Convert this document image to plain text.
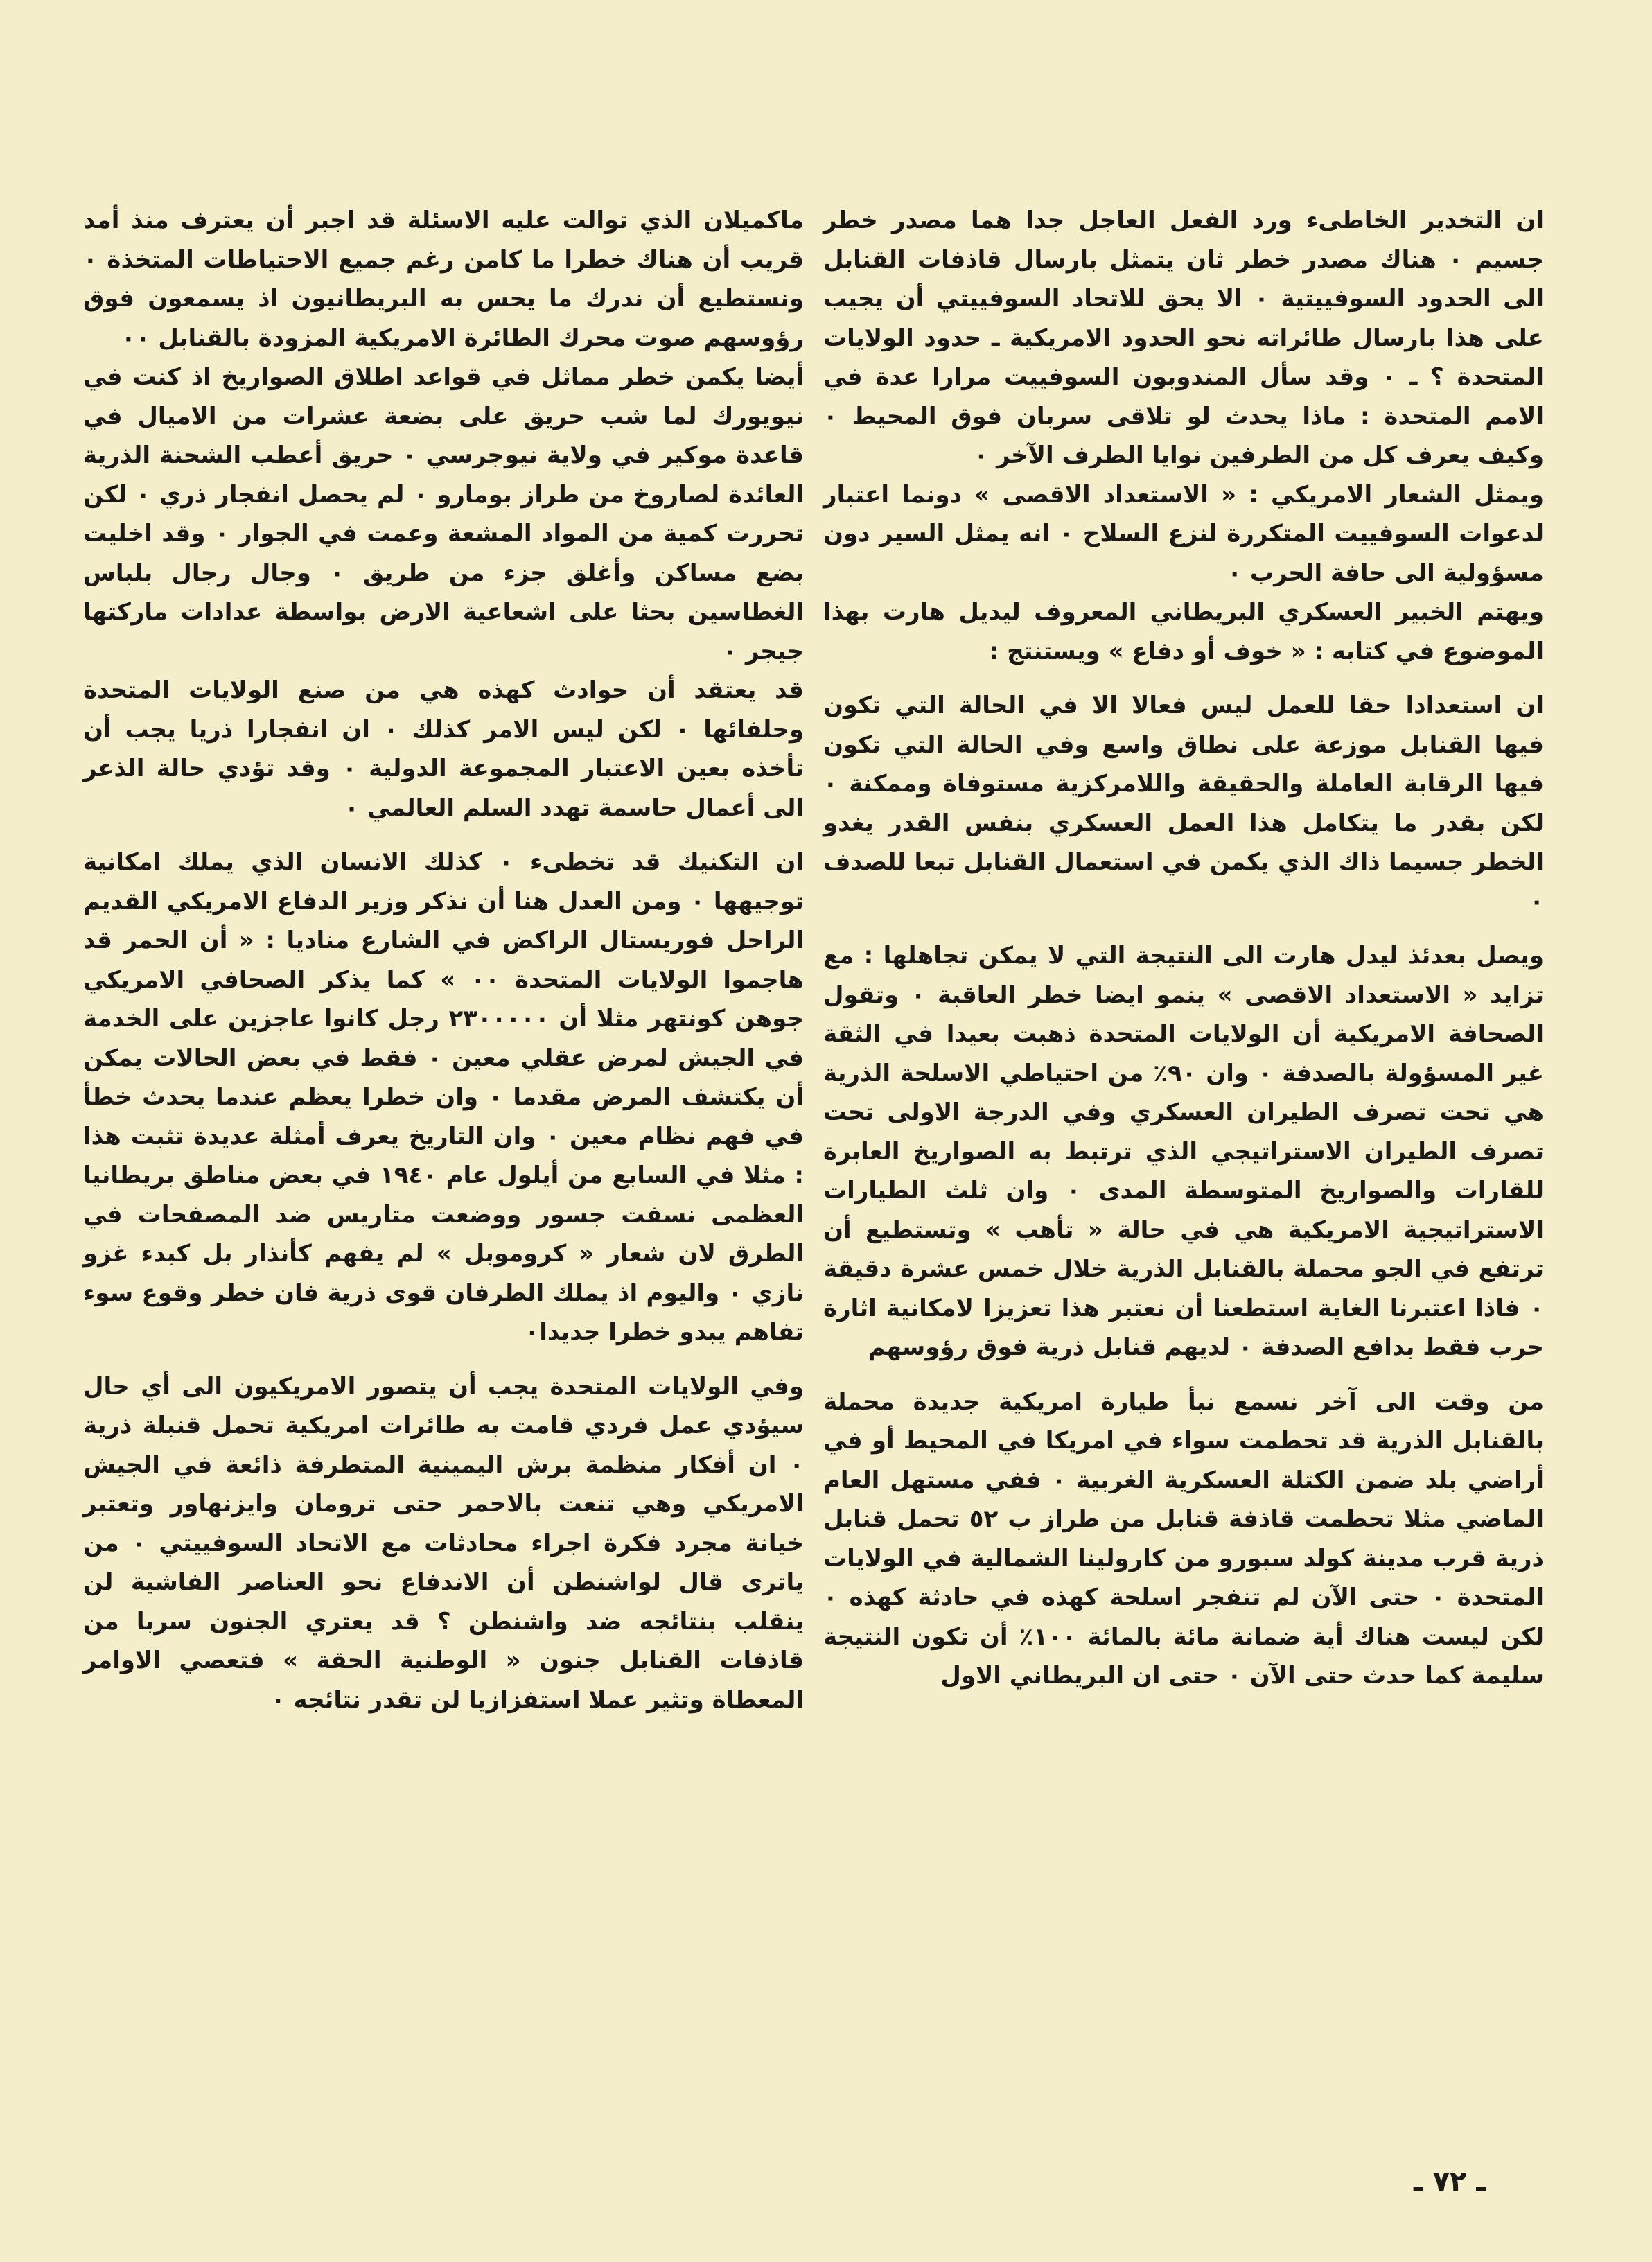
ان التخدير الخاطىء ورد الفعل العاجل جدا هما مصدر خطر جسيم ٠ هناك مصدر خطر ثان يتمثل بارسال قاذفات القنابل الى الحدود السوفييتية ٠ الا يحق للاتحاد السوفييتي أن يجيب على هذا بارسال طائراته نحو الحدود الامريكية ـ حدود الولايات المتحدة ؟ ـ ٠ وقد سأل المندوبون السوفييت مرارا عدة في الامم المتحدة : ماذا يحدث لو تلاقى سربان فوق المحيط ٠ وكيف يعرف كل من الطرفين نوايا الطرف الآخر ٠

ويمثل الشعار الامريكي : « الاستعداد الاقصى » دونما اعتبار لدعوات السوفييت المتكررة لنزع السلاح ٠ انه يمثل السير دون مسؤولية الى حافة الحرب ٠

ويهتم الخبير العسكري البريطاني المعروف ليديل هارت بهذا الموضوع في كتابه : « خوف أو دفاع » ويستنتج :

ان استعدادا حقا للعمل ليس فعالا الا في الحالة التي تكون فيها القنابل موزعة على نطاق واسع وفي الحالة التي تكون فيها الرقابة العاملة والحقيقة واللامركزية مستوفاة وممكنة ٠ لكن بقدر ما يتكامل هذا العمل العسكري بنفس القدر يغدو الخطر جسيما ذاك الذي يكمن في استعمال القنابل تبعا للصدف ٠

ويصل بعدئذ ليدل هارت الى النتيجة التي لا يمكن تجاهلها : مع تزايد « الاستعداد الاقصى » ينمو ايضا خطر العاقبة ٠ وتقول الصحافة الامريكية أن الولايات المتحدة ذهبت بعيدا في الثقة غير المسؤولة بالصدفة ٠ وان ٩٠٪ من احتياطي الاسلحة الذرية هي تحت تصرف الطيران العسكري وفي الدرجة الاولى تحت تصرف الطيران الاستراتيجي الذي ترتبط به الصواريخ العابرة للقارات والصواريخ المتوسطة المدى ٠ وان ثلث الطيارات الاستراتيجية الامريكية هي في حالة « تأهب » وتستطيع أن ترتفع في الجو محملة بالقنابل الذرية خلال خمس عشرة دقيقة ٠ فاذا اعتبرنا الغاية استطعنا أن نعتبر هذا تعزيزا لامكانية اثارة حرب فقط بدافع الصدفة ٠ لديهم قنابل ذرية فوق رؤوسهم

من وقت الى آخر نسمع نبأ طيارة امريكية جديدة محملة بالقنابل الذرية قد تحطمت سواء في امريكا في المحيط أو في أراضي بلد ضمن الكتلة العسكرية الغربية ٠ ففي مستهل العام الماضي مثلا تحطمت قاذفة قنابل من طراز ب ٥٢ تحمل قنابل ذرية قرب مدينة كولد سبورو من كارولينا الشمالية في الولايات المتحدة ٠ حتى الآن لم تنفجر اسلحة كهذه في حادثة كهذه ٠ لكن ليست هناك أية ضمانة مائة بالمائة ١٠٠٪ أن تكون النتيجة سليمة كما حدث حتى الآن ٠ حتى ان البريطاني الاول

ماكميلان الذي توالت عليه الاسئلة قد اجبر أن يعترف منذ أمد قريب أن هناك خطرا ما كامن رغم جميع الاحتياطات المتخذة ٠ ونستطيع أن ندرك ما يحس به البريطانيون اذ يسمعون فوق رؤوسهم صوت محرك الطائرة الامريكية المزودة بالقنابل ٠٠

أيضا يكمن خطر مماثل في قواعد اطلاق الصواريخ اذ كنت في نيويورك لما شب حريق على بضعة عشرات من الاميال في قاعدة موكير في ولاية نيوجرسي ٠ حريق أعطب الشحنة الذرية العائدة لصاروخ من طراز بومارو ٠ لم يحصل انفجار ذري ٠ لكن تحررت كمية من المواد المشعة وعمت في الجوار ٠ وقد اخليت بضع مساكن وأغلق جزء من طريق ٠ وجال رجال بلباس الغطاسين بحثا على اشعاعية الارض بواسطة عدادات ماركتها جيجر ٠

قد يعتقد أن حوادث كهذه هي من صنع الولايات المتحدة وحلفائها ٠ لكن ليس الامر كذلك ٠ ان انفجارا ذريا يجب أن تأخذه بعين الاعتبار المجموعة الدولية ٠ وقد تؤدي حالة الذعر الى أعمال حاسمة تهدد السلم العالمي ٠

ان التكنيك قد تخطىء ٠ كذلك الانسان الذي يملك امكانية توجيهها ٠ ومن العدل هنا أن نذكر وزير الدفاع الامريكي القديم الراحل فوريستال الراكض في الشارع مناديا : « أن الحمر قد هاجموا الولايات المتحدة ٠٠ » كما يذكر الصحافي الامريكي جوهن كونتهر مثلا أن ٢٣٠٠٠٠٠ رجل كانوا عاجزين على الخدمة في الجيش لمرض عقلي معين ٠ فقط في بعض الحالات يمكن أن يكتشف المرض مقدما ٠ وان خطرا يعظم عندما يحدث خطأ في فهم نظام معين ٠ وان التاريخ يعرف أمثلة عديدة تثبت هذا : مثلا في السابع من أيلول عام ١٩٤٠ في بعض مناطق بريطانيا العظمى نسفت جسور ووضعت متاريس ضد المصفحات في الطرق لان شعار « كروموبل » لم يفهم كأنذار بل كبدء غزو نازي ٠ واليوم اذ يملك الطرفان قوى ذرية فان خطر وقوع سوء تفاهم يبدو خطرا جديدا٠

وفي الولايات المتحدة يجب أن يتصور الامريكيون الى أي حال سيؤدي عمل فردي قامت به طائرات امريكية تحمل قنبلة ذرية ٠ ان أفكار منظمة برش اليمينية المتطرفة ذائعة في الجيش الامريكي وهي تنعت بالاحمر حتى ترومان وايزنهاور وتعتبر خيانة مجرد فكرة اجراء محادثات مع الاتحاد السوفييتي ٠ من ياترى قال لواشنطن أن الاندفاع نحو العناصر الفاشية لن ينقلب بنتائجه ضد واشنطن ؟ قد يعتري الجنون سربا من قاذفات القنابل جنون « الوطنية الحقة » فتعصي الاوامر المعطاة وتثير عملا استفزازيا لن تقدر نتائجه ٠

ـ ٧٢ ـ
